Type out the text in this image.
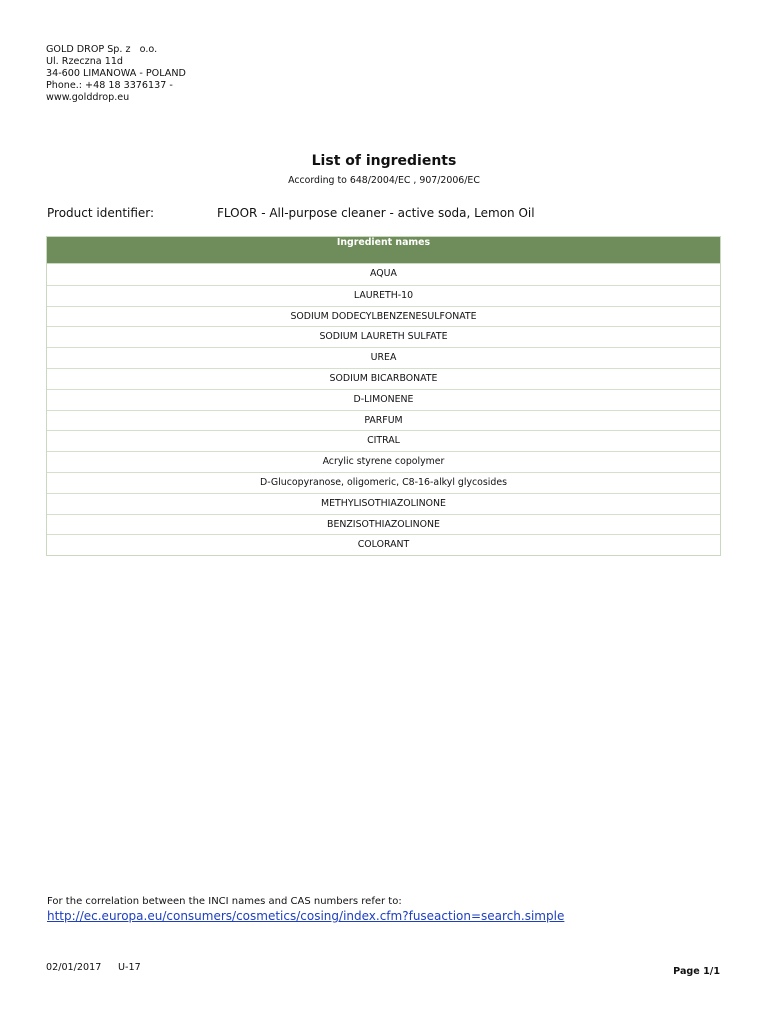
GOLD DROP Sp. z   o.o.
Ul. Rzeczna 11d
34-600 LIMANOWA - POLAND
Phone.: +48 18 3376137 -
www.golddrop.eu
List of ingredients
According to 648/2004/EC , 907/2006/EC
Product identifier:	FLOOR - All-purpose cleaner - active soda, Lemon Oil
Ingredient names
AQUA
LAURETH-10
SODIUM DODECYLBENZENESULFONATE
SODIUM LAURETH SULFATE
UREA
SODIUM BICARBONATE
D-LIMONENE
PARFUM
CITRAL
Acrylic styrene copolymer
D-Glucopyranose, oligomeric, C8-16-alkyl glycosides
METHYLISOTHIAZOLINONE
BENZISOTHIAZOLINONE
COLORANT
For the correlation between the INCI names and CAS numbers refer to:
http://ec.europa.eu/consumers/cosmetics/cosing/index.cfm?fuseaction=search.simple
02/01/2017 U-17	Page 1/1
